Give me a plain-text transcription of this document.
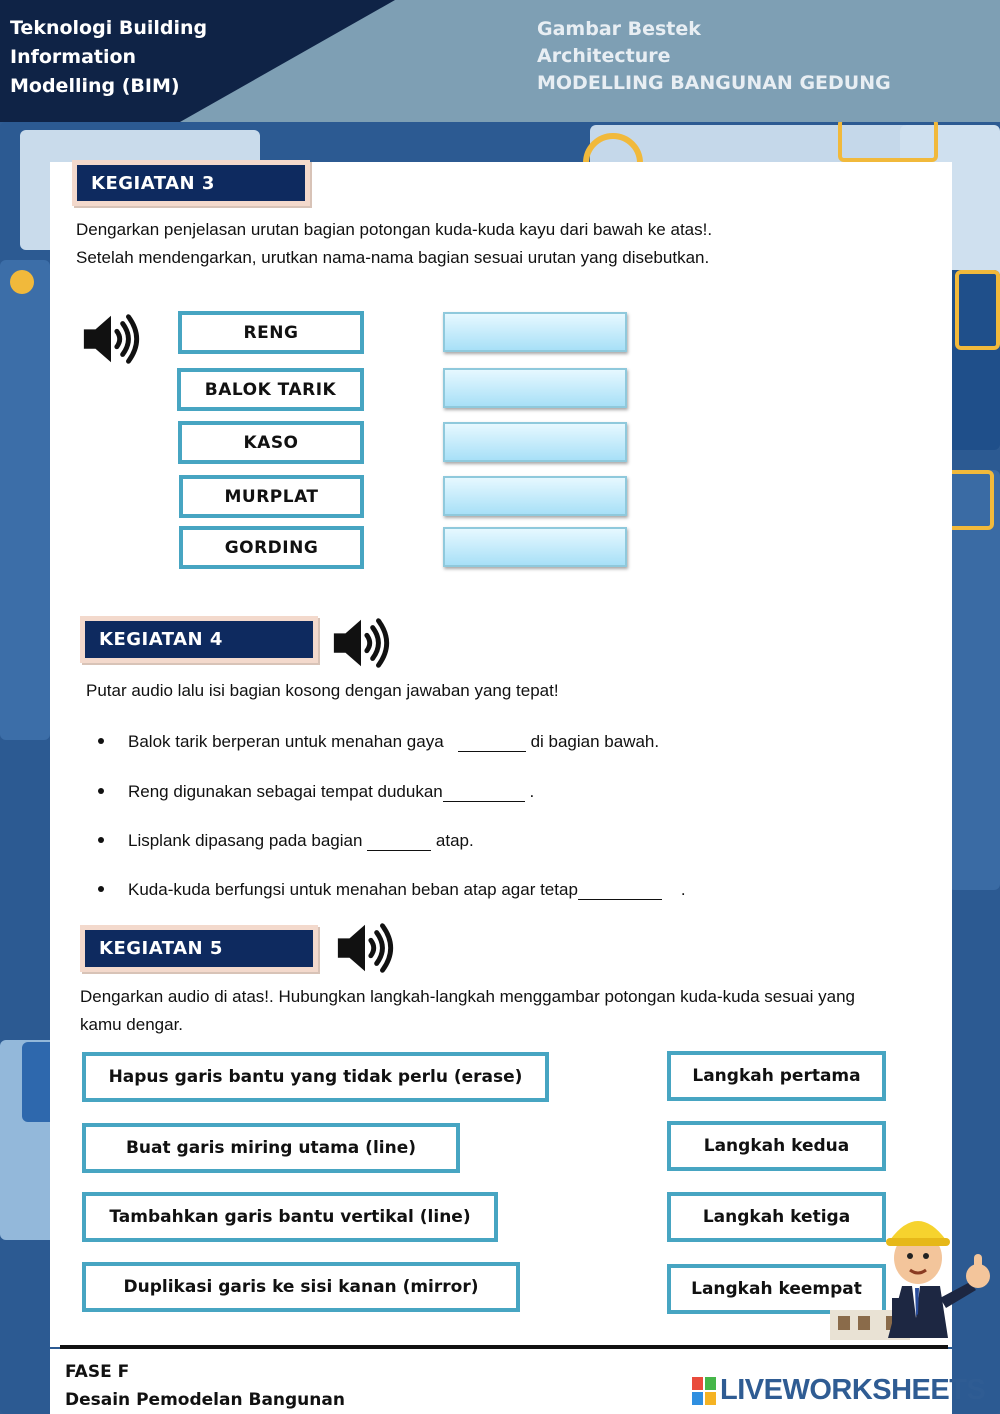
Teknologi Building
Information
Modelling (BIM)
Gambar Bestek
Architecture
MODELLING BANGUNAN GEDUNG
KEGIATAN 3
Dengarkan penjelasan urutan bagian potongan kuda-kuda kayu dari bawah ke atas!.
Setelah mendengarkan, urutkan nama-nama bagian sesuai urutan yang disebutkan.
RENG
BALOK TARIK
KASO
MURPLAT
GORDING
KEGIATAN 4
Putar audio lalu isi bagian kosong dengan jawaban yang tepat!
Balok tarik berperan untuk menahan gaya	di bagian bawah.
Reng digunakan sebagai tempat dudukan	.
Lisplank dipasang pada bagian	atap.
Kuda-kuda berfungsi untuk menahan beban atap agar tetap	.
KEGIATAN 5
Dengarkan audio di atas!. Hubungkan langkah-langkah menggambar potongan kuda-kuda sesuai yang
kamu dengar.
Hapus garis bantu yang tidak perlu (erase)
Buat garis miring utama (line)
Tambahkan garis bantu vertikal (line)
Duplikasi garis ke sisi kanan (mirror)
Langkah pertama
Langkah kedua
Langkah ketiga
Langkah keempat
FASE F
Desain Pemodelan Bangunan	LIVEWORKSHEETS
